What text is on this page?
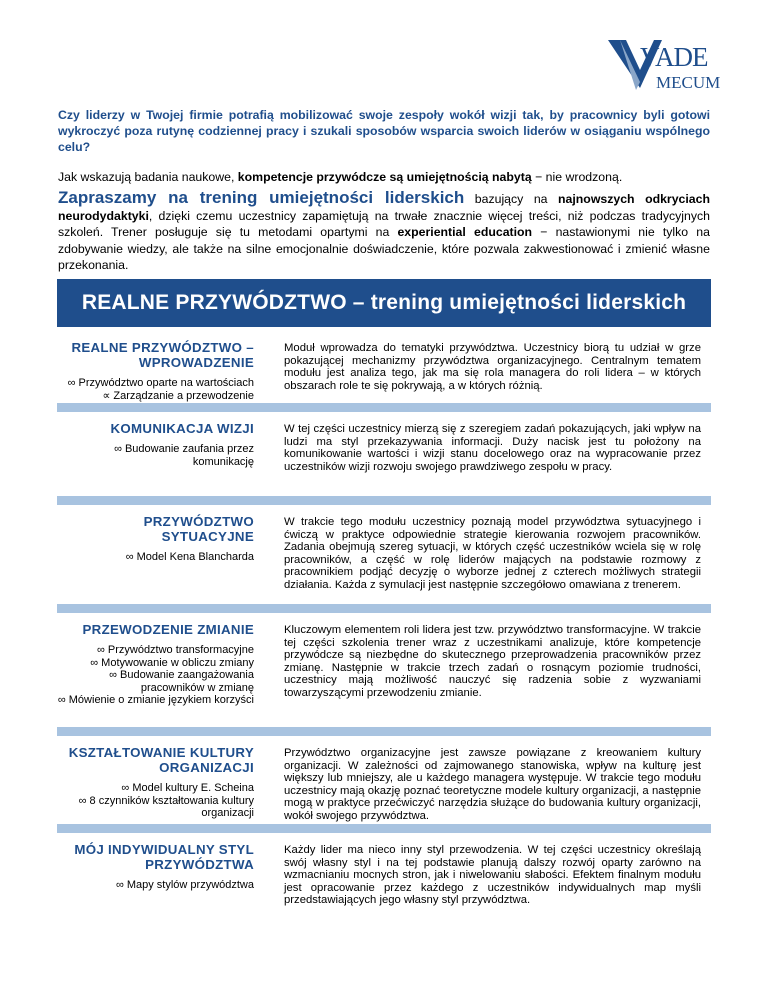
VADE
MECUM
Czy liderzy w Twojej firmie potrafią mobilizować swoje zespoły wokół wizji tak, by pracownicy byli gotowi wykroczyć poza rutynę codziennej pracy i szukali sposobów wsparcia swoich liderów w osiąganiu wspólnego celu?
Jak wskazują badania naukowe, kompetencje przywódcze są umiejętnością nabytą − nie wrodzoną.
Zapraszamy na trening umiejętności liderskich bazujący na najnowszych odkryciach neurodydaktyki, dzięki czemu uczestnicy zapamiętują na trwałe znacznie więcej treści, niż podczas tradycyjnych szkoleń. Trener posługuje się tu metodami opartymi na experiential education − nastawionymi nie tylko na zdobywanie wiedzy, ale także na silne emocjonalnie doświadczenie, które pozwala zakwestionować i zmienić własne przekonania.
REALNE PRZYWÓDZTWO – trening umiejętności liderskich
REALNE PRZYWÓDZTWO – WPROWADZENIE
∞ Przywództwo oparte na wartościach
∝ Zarządzanie a przewodzenie
Moduł wprowadza do tematyki przywództwa. Uczestnicy biorą tu udział w grze pokazującej mechanizmy przywództwa organizacyjnego. Centralnym tematem modułu jest analiza tego, jak ma się rola managera do roli lidera – w których obszarach role te się pokrywają, a w których różnią.
KOMUNIKACJA WIZJI
∞ Budowanie zaufania przez komunikację
W tej części uczestnicy mierzą się z szeregiem zadań pokazujących, jaki wpływ na ludzi ma styl przekazywania informacji. Duży nacisk jest tu położony na komunikowanie wartości i wizji stanu docelowego oraz na wypracowanie przez uczestników wizji rozwoju swojego prawdziwego zespołu w pracy.
PRZYWÓDZTWO SYTUACYJNE
∞ Model Kena Blancharda
W trakcie tego modułu uczestnicy poznają model przywództwa sytuacyjnego i ćwiczą w praktyce odpowiednie strategie kierowania rozwojem pracowników. Zadania obejmują szereg sytuacji, w których część uczestników wciela się w rolę pracowników, a część w rolę liderów mających na podstawie rozmowy z pracownikiem podjąć decyzję o wyborze jednej z czterech możliwych strategii działania. Każda z symulacji jest następnie szczegółowo omawiana z trenerem.
PRZEWODZENIE ZMIANIE
∞ Przywództwo transformacyjne
∞ Motywowanie w obliczu zmiany
∞ Budowanie zaangażowania pracowników w zmianę
∞ Mówienie o zmianie językiem korzyści
Kluczowym elementem roli lidera jest tzw. przywództwo transformacyjne. W trakcie tej części szkolenia trener wraz z uczestnikami analizuje, które kompetencje przywódcze są niezbędne do skutecznego przeprowadzenia pracowników przez zmianę. Następnie w trakcie trzech zadań o rosnącym poziomie trudności, uczestnicy mają możliwość nauczyć się radzenia sobie z wyzwaniami towarzyszącymi przewodzeniu zmianie.
KSZTAŁTOWANIE KULTURY ORGANIZACJI
∞ Model kultury E. Scheina
∞ 8 czynników kształtowania kultury organizacji
Przywództwo organizacyjne jest zawsze powiązane z kreowaniem kultury organizacji. W zależności od zajmowanego stanowiska, wpływ na kulturę jest większy lub mniejszy, ale u każdego managera występuje. W trakcie tego modułu uczestnicy mają okazję poznać teoretyczne modele kultury organizacji, a następnie mogą w praktyce przećwiczyć narzędzia służące do budowania kultury organizacji, wokół swojego przywództwa.
MÓJ INDYWIDUALNY STYL PRZYWÓDZTWA
∞ Mapy stylów przywództwa
Każdy lider ma nieco inny styl przewodzenia. W tej części uczestnicy określają swój własny styl i na tej podstawie planują dalszy rozwój oparty zarówno na wzmacnianiu mocnych stron, jak i niwelowaniu słabości. Efektem finalnym modułu jest opracowanie przez każdego z uczestników indywidualnych map myśli przedstawiających jego własny styl przywództwa.
